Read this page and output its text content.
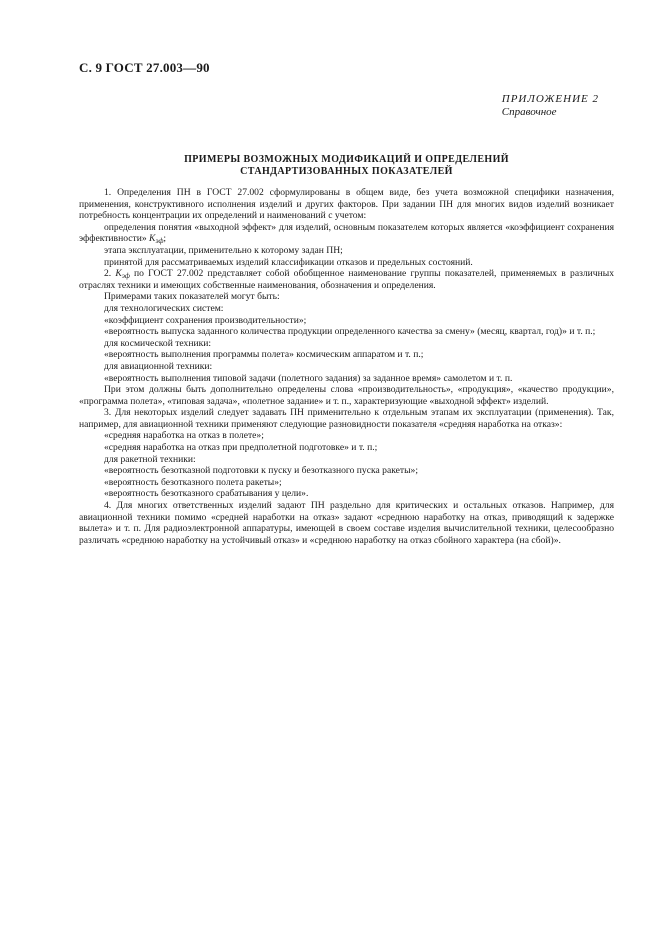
С. 9 ГОСТ 27.003—90
ПРИЛОЖЕНИЕ 2
Справочное
ПРИМЕРЫ ВОЗМОЖНЫХ МОДИФИКАЦИЙ И ОПРЕДЕЛЕНИЙ
СТАНДАРТИЗОВАННЫХ ПОКАЗАТЕЛЕЙ

1. Определения ПН в ГОСТ 27.002 сформулированы в общем виде, без учета возможной специфики назначения, применения, конструктивного исполнения изделий и других факторов. При задании ПН для многих видов изделий возникает потребность концентрации их определений и наименований с учетом:

определения понятия «выходной эффект» для изделий, основным показателем которых является «коэффициент сохранения эффективности» $K_{эф}$;

этапа эксплуатации, применительно к которому задан ПН;

принятой для рассматриваемых изделий классификации отказов и предельных состояний.

2. $K_{эф}$ по ГОСТ 27.002 представляет собой обобщенное наименование группы показателей, применяемых в различных отраслях техники и имеющих собственные наименования, обозначения и определения.

Примерами таких показателей могут быть:

для технологических систем:

«коэффициент сохранения производительности»;

«вероятность выпуска заданного количества продукции определенного качества за смену» (месяц, квартал, год)» и т. п.;

для космической техники:

«вероятность выполнения программы полета» космическим аппаратом и т. п.;

для авиационной техники:

«вероятность выполнения типовой задачи (полетного задания) за заданное время» самолетом и т. п.

При этом должны быть дополнительно определены слова «производительность», «продукция», «качество продукции», «программа полета», «типовая задача», «полетное задание» и т. п., характеризующие «выходной эффект» изделий.

3. Для некоторых изделий следует задавать ПН применительно к отдельным этапам их эксплуатации (применения). Так, например, для авиационной техники применяют следующие разновидности показателя «средняя наработка на отказ»:

«средняя наработка на отказ в полете»;

«средняя наработка на отказ при предполетной подготовке» и т. п.;

для ракетной техники:

«вероятность безотказной подготовки к пуску и безотказного пуска ракеты»;

«вероятность безотказного полета ракеты»;

«вероятность безотказного срабатывания у цели».

4. Для многих ответственных изделий задают ПН раздельно для критических и остальных отказов. Например, для авиационной техники помимо «средней наработки на отказ» задают «среднюю наработку на отказ, приводящий к задержке вылета» и т. п. Для радиоэлектронной аппаратуры, имеющей в своем составе изделия вычислительной техники, целесообразно различать «среднюю наработку на устойчивый отказ» и «среднюю наработку на отказ сбойного характера (на сбой)».
